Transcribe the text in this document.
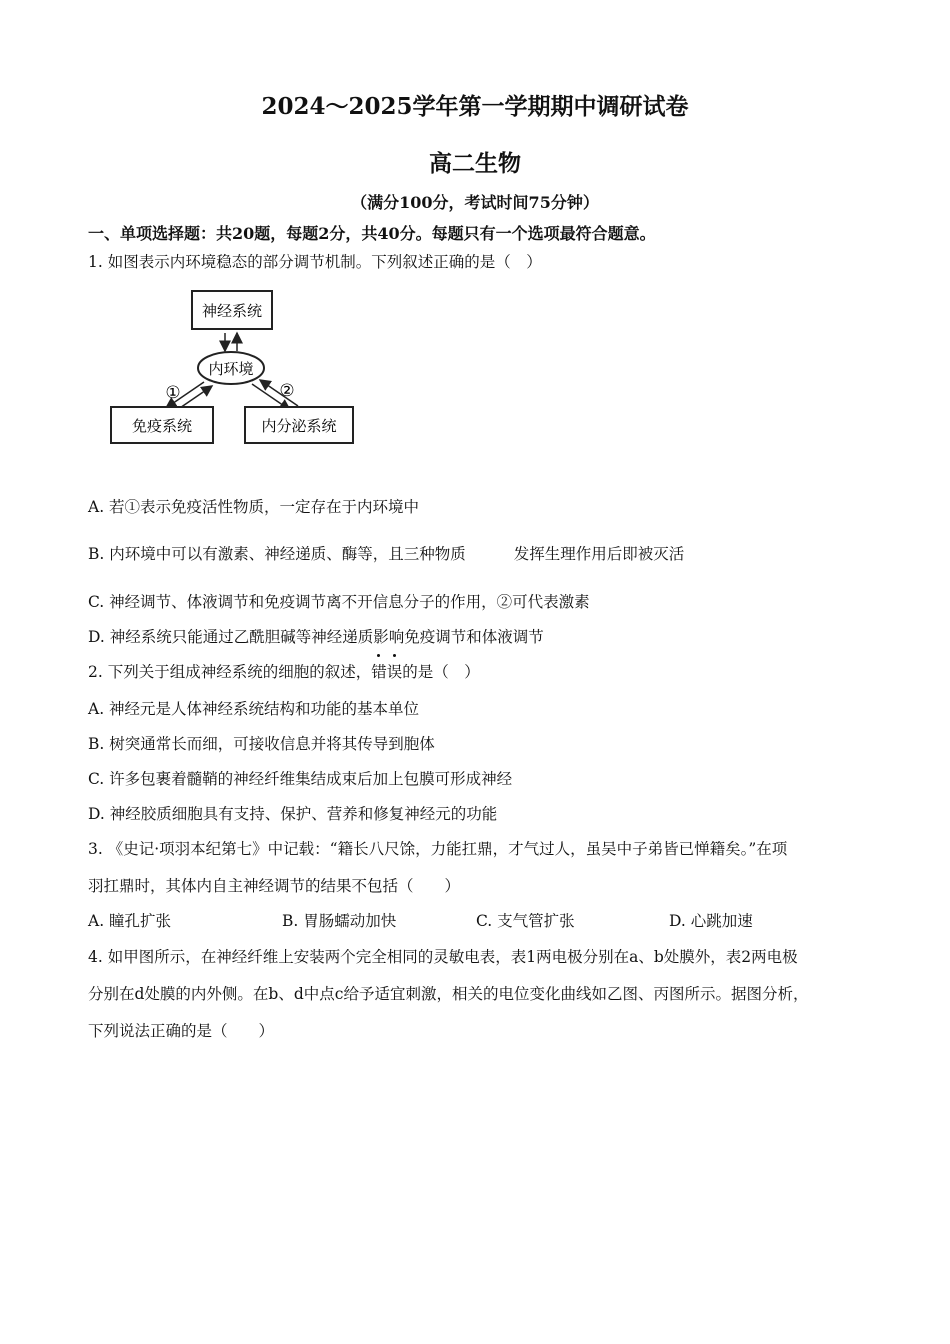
2024～2025学年第一学期期中调研试卷
高二生物
（满分100分，考试时间75分钟）
一、单项选择题：共20题，每题2分，共40分。每题只有一个选项最符合题意。
1. 如图表示内环境稳态的部分调节机制。下列叙述正确的是（　）
神经系统
内环境
①	②
免疫系统	内分泌系统
A. 若①表示免疫活性物质，一定存在于内环境中
B. 内环境中可以有激素、神经递质、酶等，且三种物质	发挥生理作用后即被灭活
C. 神经调节、体液调节和免疫调节离不开信息分子的作用，②可代表激素
D. 神经系统只能通过乙酰胆碱等神经递质影响免疫调节和体液调节
2. 下列关于组成神经系统的细胞的叙述，错误的是（　）
A. 神经元是人体神经系统结构和功能的基本单位
B. 树突通常长而细，可接收信息并将其传导到胞体
C. 许多包裹着髓鞘的神经纤维集结成束后加上包膜可形成神经
D. 神经胶质细胞具有支持、保护、营养和修复神经元的功能
3. 《史记·项羽本纪第七》中记载：“籍长八尺馀，力能扛鼎，才气过人，虽吴中子弟皆已惮籍矣。”在项
羽扛鼎时，其体内自主神经调节的结果不包括（　　）
A. 瞳孔扩张	B. 胃肠蠕动加快	C. 支气管扩张	D. 心跳加速
4. 如甲图所示，在神经纤维上安装两个完全相同的灵敏电表，表1两电极分别在a、b处膜外，表2两电极
分别在d处膜的内外侧。在b、d中点c给予适宜刺激，相关的电位变化曲线如乙图、丙图所示。据图分析，
下列说法正确的是（　　）
